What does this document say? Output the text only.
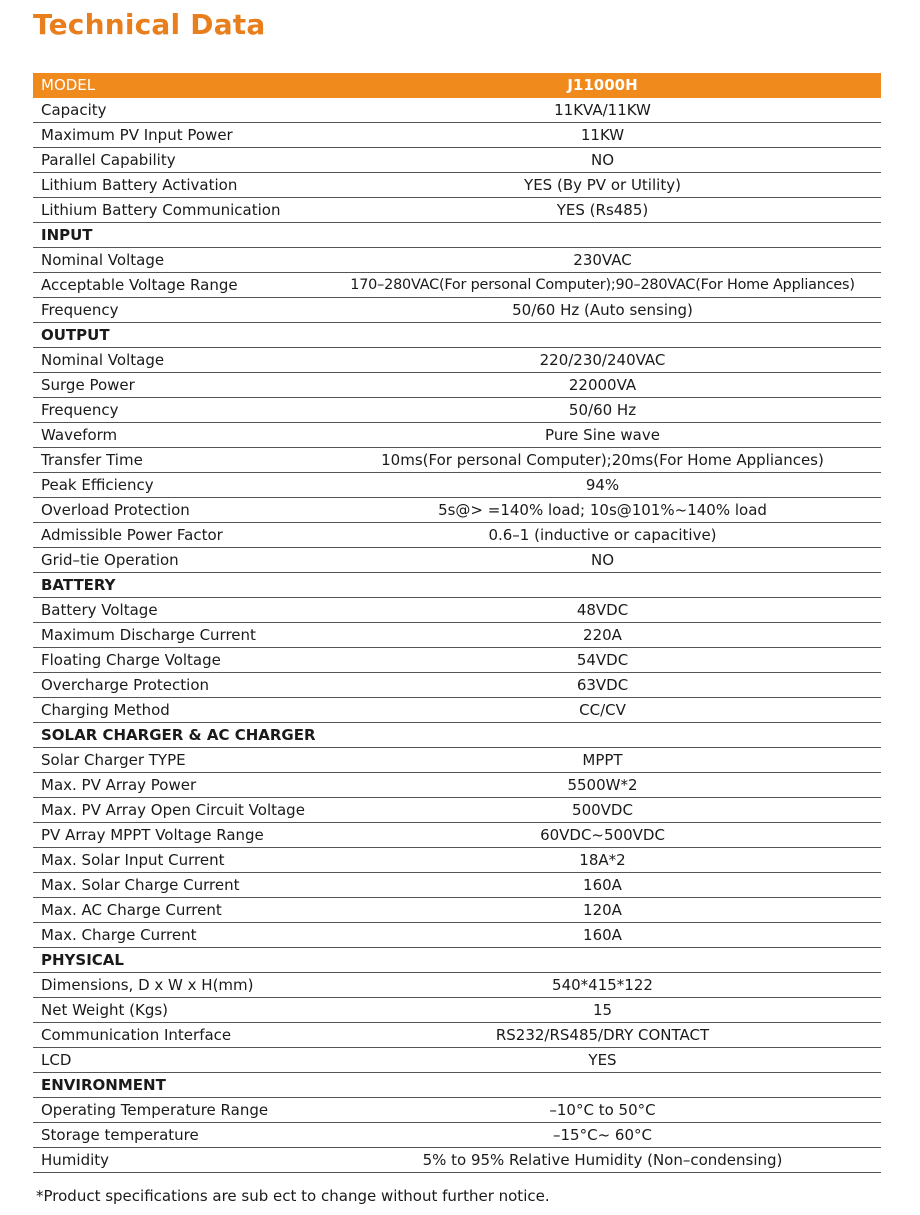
Technical Data
MODEL	J11000H
Capacity	11KVA/11KW
Maximum PV Input Power	11KW
Parallel Capability	NO
Lithium Battery Activation	YES (By PV or Utility)
Lithium Battery Communication	YES (Rs485)
INPUT	
Nominal Voltage	230VAC
Acceptable Voltage Range	170–280VAC(For personal Computer);90–280VAC(For Home Appliances)
Frequency	50/60 Hz (Auto sensing)
OUTPUT	
Nominal Voltage	220/230/240VAC
Surge Power	22000VA
Frequency	50/60 Hz
Waveform	Pure Sine wave
Transfer Time	10ms(For personal Computer);20ms(For Home Appliances)
Peak Efficiency	94%
Overload Protection	5s@> =140% load; 10s@101%~140% load
Admissible Power Factor	0.6–1 (inductive or capacitive)
Grid–tie Operation	NO
BATTERY	
Battery Voltage	48VDC
Maximum Discharge Current	220A
Floating Charge Voltage	54VDC
Overcharge Protection	63VDC
Charging Method	CC/CV
SOLAR CHARGER & AC CHARGER	
Solar Charger TYPE	MPPT
Max. PV Array Power	5500W*2
Max. PV Array Open Circuit Voltage	500VDC
PV Array MPPT Voltage Range	60VDC~500VDC
Max. Solar Input Current	18A*2
Max. Solar Charge Current	160A
Max. AC Charge Current	120A
Max. Charge Current	160A
PHYSICAL	
Dimensions, D x W x H(mm)	540*415*122
Net Weight (Kgs)	15
Communication Interface	RS232/RS485/DRY CONTACT
LCD	YES
ENVIRONMENT	
Operating Temperature Range	–10°C to 50°C
Storage temperature	–15°C~ 60°C
Humidity	5% to 95% Relative Humidity (Non–condensing)
*Product specifications are sub ect to change without further notice.
